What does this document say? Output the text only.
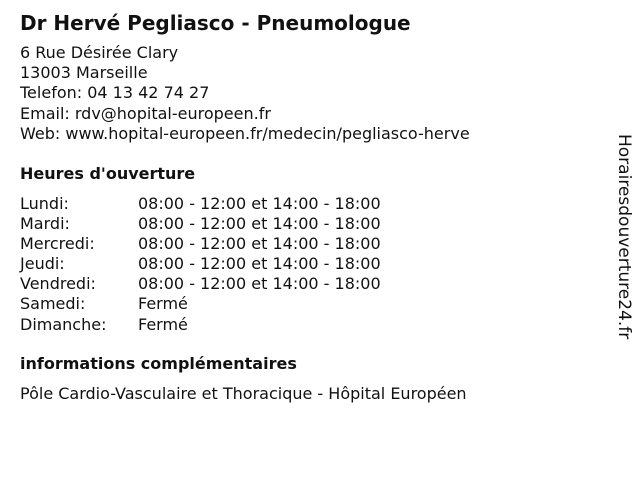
Dr Hervé Pegliasco - Pneumologue
6 Rue Désirée Clary
13003 Marseille
Telefon: 04 13 42 74 27
Email: rdv@hopital-europeen.fr
Web: www.hopital-europeen.fr/medecin/pegliasco-herve
Heures d'ouverture
Lundi:	08:00 - 12:00 et 14:00 - 18:00
Mardi:	08:00 - 12:00 et 14:00 - 18:00
Mercredi:	08:00 - 12:00 et 14:00 - 18:00
Jeudi:	08:00 - 12:00 et 14:00 - 18:00
Vendredi:	08:00 - 12:00 et 14:00 - 18:00
Samedi:	Fermé
Dimanche:	Fermé
informations complémentaires
Pôle Cardio-Vasculaire et Thoracique - Hôpital Européen
Horairesdouverture24.fr
